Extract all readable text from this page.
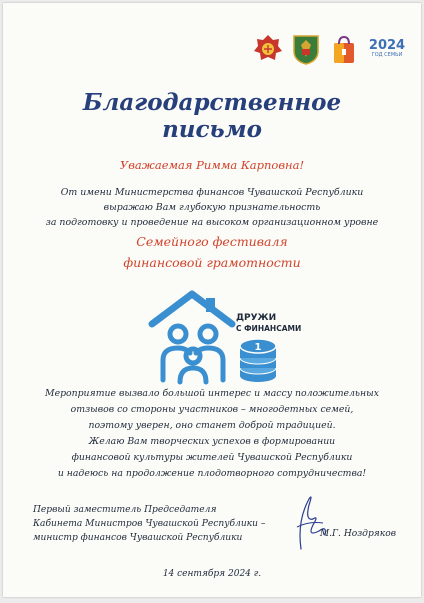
2024
ГОД СЕМЬИ
Благодарственное
письмо
Уважаемая Римма Карповна!
От имени Министерства финансов Чувашской Республики
выражаю Вам глубокую признательность
за подготовку и проведение на высоком организационном уровне
Семейного фестиваля
финансовой грамотности
ДРУЖИ
С ФИНАНСАМИ
1
Мероприятие вызвало большой интерес и массу положительных
отзывов со стороны участников – многодетных семей,
поэтому уверен, оно станет доброй традицией.
Желаю Вам творческих успехов в формировании
финансовой культуры жителей Чувашской Республики
и надеюсь на продолжение плодотворного сотрудничества!
Первый заместитель Председателя
Кабинета Министров Чувашской Республики –
министр финансов Чувашской Республики	М.Г. Ноздряков
14 сентября 2024 г.
